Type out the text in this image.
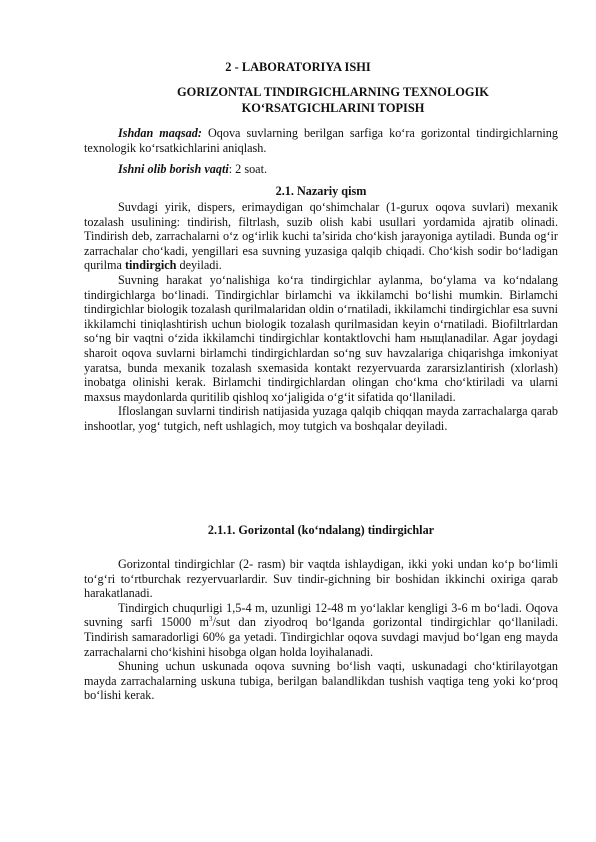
2 - LABORATORIYA ISHI
GORIZONTAL TINDIRGICHLARNING TEXNOLOGIK
KO‘RSATGICHLARINI TOPISH

Ishdan maqsad: Oqova suvlarning berilgan sarfiga ko‘ra gorizontal tindirgichlarning texnologik ko‘rsatkichlarini aniqlash.

Ishni olib borish vaqti: 2 soat.

2.1. Nazariy qism

Suvdagi yirik, dispers, erimaydigan qo‘shimchalar (1-gurux oqova suvlari) mexanik tozalash usulining: tindirish, filtrlash, suzib olish kabi usullari yordamida ajratib olinadi. Tindirish deb, zarrachalarni o‘z og‘irlik kuchi ta’sirida cho‘kish jarayoniga aytiladi. Bunda og‘ir zarrachalar cho‘kadi, yengillari esa suvning yuzasiga qalqib chiqadi. Cho‘kish sodir bo‘ladigan qurilma tindirgich deyiladi.

Suvning harakat yo‘nalishiga ko‘ra tindirgichlar aylanma, bo‘ylama va ko‘ndalang tindirgichlarga bo‘linadi. Tindirgichlar birlamchi va ikkilamchi bo‘lishi mumkin. Birlamchi tindirgichlar biologik tozalash qurilmalaridan oldin o‘rnatiladi, ikkilamchi tindirgichlar esa suvni ikkilamchi tiniqlashtirish uchun biologik tozalash qurilmasidan keyin o‘rnatiladi. Biofiltrlardan so‘ng bir vaqtni o‘zida ikkilamchi tindirgichlar kontaktlovchi ham ныщlanadilar. Agar joydagi sharoit oqova suvlarni birlamchi tindirgichlardan so‘ng suv havzalariga chiqarishga imkoniyat yaratsa, bunda mexanik tozalash sxemasida kontakt rezyervuarda zararsizlantirish (xlorlash) inobatga olinishi kerak. Birlamchi tindirgichlardan olingan cho‘kma cho‘ktiriladi va ularni maxsus maydonlarda quritilib qishloq xo‘jaligida o‘g‘it sifatida qo‘llaniladi.

Ifloslangan suvlarni tindirish natijasida yuzaga qalqib chiqqan mayda zarrachalarga qarab inshootlar, yog‘ tutgich, neft ushlagich, moy tutgich va boshqalar deyiladi.

2.1.1. Gorizontal (ko‘ndalang) tindirgichlar

Gorizontal tindirgichlar (2- rasm) bir vaqtda ishlaydigan, ikki yoki undan ko‘p bo‘limli to‘g‘ri to‘rtburchak rezyervuarlardir. Suv tindir-gichning bir boshidan ikkinchi oxiriga qarab harakatlanadi.

Tindirgich chuqurligi 1,5-4 m, uzunligi 12-48 m yo‘laklar kengligi 3-6 m bo‘ladi. Oqova suvning sarfi 15000 $m^3$/sut dan ziyodroq bo‘lganda gorizontal tindirgichlar qo‘llaniladi. Tindirish samaradorligi 60% ga yetadi. Tindirgichlar oqova suvdagi mavjud bo‘lgan eng mayda zarrachalarni cho‘kishini hisobga olgan holda loyihalanadi.

Shuning uchun uskunada oqova suvning bo‘lish vaqti, uskunadagi cho‘ktirilayotgan mayda zarrachalarning uskuna tubiga, berilgan balandlikdan tushish vaqtiga teng yoki ko‘proq bo‘lishi kerak.
